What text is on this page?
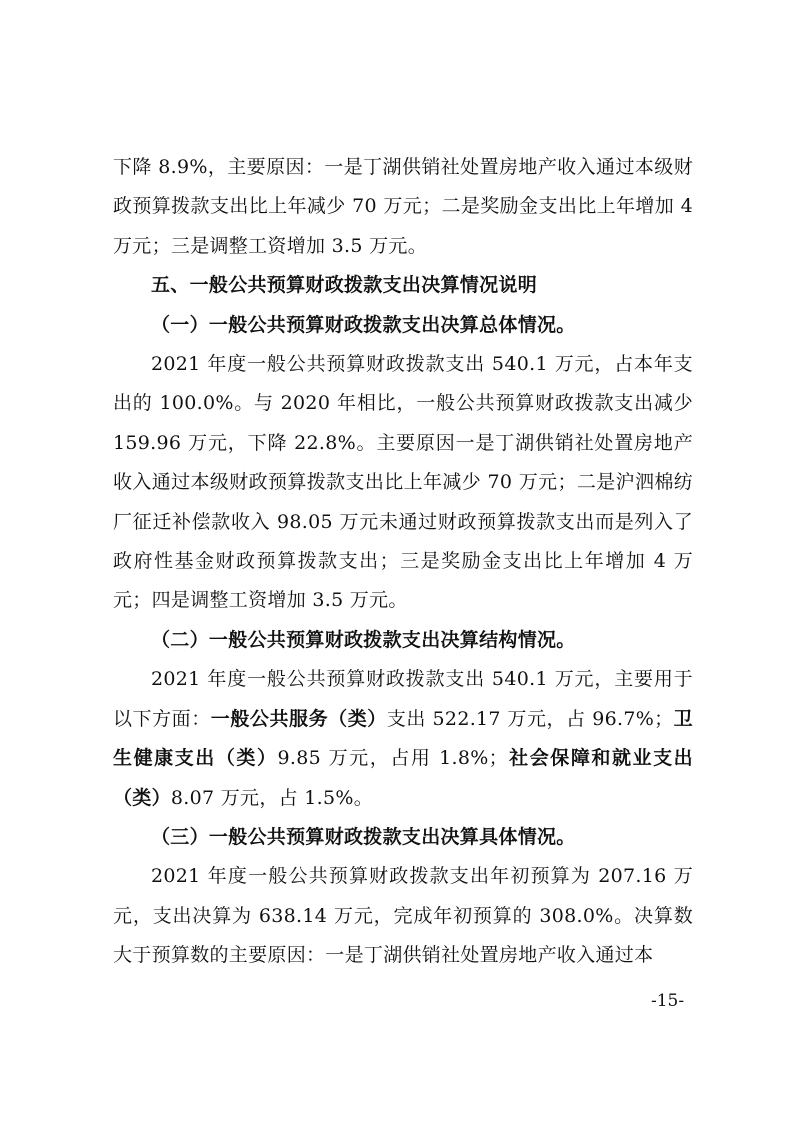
下降 8.9%，主要原因：一是丁湖供销社处置房地产收入通过本级财政预算拨款支出比上年减少 70 万元；二是奖励金支出比上年增加 4 万元；三是调整工资增加 3.5 万元。

五、一般公共预算财政拨款支出决算情况说明

（一）一般公共预算财政拨款支出决算总体情况。

2021 年度一般公共预算财政拨款支出 540.1 万元，占本年支出的 100.0%。与 2020 年相比，一般公共预算财政拨款支出减少 159.96 万元，下降 22.8%。主要原因一是丁湖供销社处置房地产收入通过本级财政预算拨款支出比上年减少 70 万元；二是沪泗棉纺厂征迁补偿款收入 98.05 万元未通过财政预算拨款支出而是列入了政府性基金财政预算拨款支出；三是奖励金支出比上年增加 4 万元；四是调整工资增加 3.5 万元。

（二）一般公共预算财政拨款支出决算结构情况。

2021 年度一般公共预算财政拨款支出 540.1 万元，主要用于以下方面：一般公共服务（类）支出 522.17 万元，占 96.7%；卫生健康支出（类）9.85 万元，占用 1.8%；社会保障和就业支出（类）8.07 万元，占 1.5%。

（三）一般公共预算财政拨款支出决算具体情况。

2021 年度一般公共预算财政拨款支出年初预算为 207.16 万元，支出决算为 638.14 万元，完成年初预算的 308.0%。决算数大于预算数的主要原因：一是丁湖供销社处置房地产收入通过本

-15-
